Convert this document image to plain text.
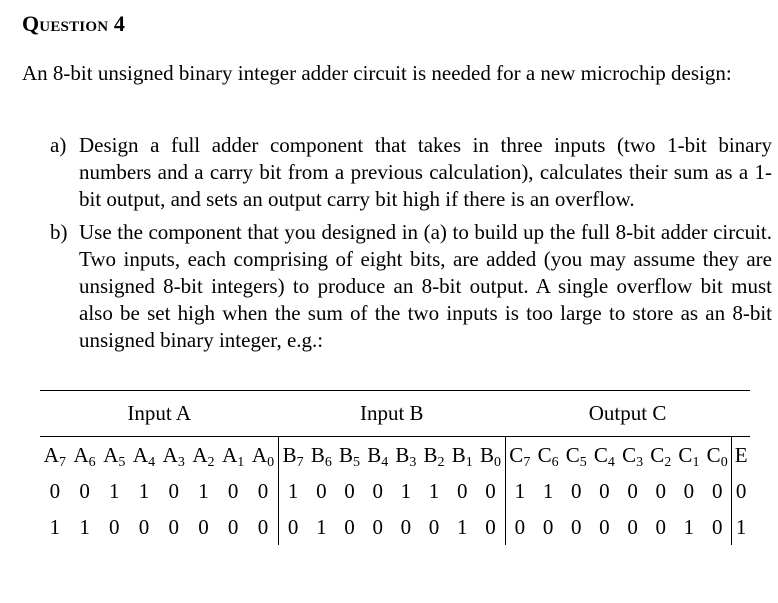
Question 4
An 8-bit unsigned binary integer adder circuit is needed for a new microchip design:
a) Design a full adder component that takes in three inputs (two 1-bit binary numbers and a carry bit from a previous calculation), calculates their sum as a 1-bit output, and sets an output carry bit high if there is an overflow.
b) Use the component that you designed in (a) to build up the full 8-bit adder circuit. Two inputs, each comprising of eight bits, are added (you may assume they are unsigned 8-bit integers) to produce an 8-bit output. A single overflow bit must also be set high when the sum of the two inputs is too large to store as an 8-bit unsigned binary integer, e.g.:
Input A								Input B								Output C								
$A_7$	$A_6$	$A_5$	$A_4$	$A_3$	$A_2$	$A_1$	$A_0$	$B_7$	$B_6$	$B_5$	$B_4$	$B_3$	$B_2$	$B_1$	$B_0$	$C_7$	$C_6$	$C_5$	$C_4$	$C_3$	$C_2$	$C_1$	$C_0$	E
0	0	1	1	0	1	0	0	1	0	0	0	1	1	0	0	1	1	0	0	0	0	0	0	0
1	1	0	0	0	0	0	0	0	1	0	0	0	0	1	0	0	0	0	0	0	0	1	0	1
